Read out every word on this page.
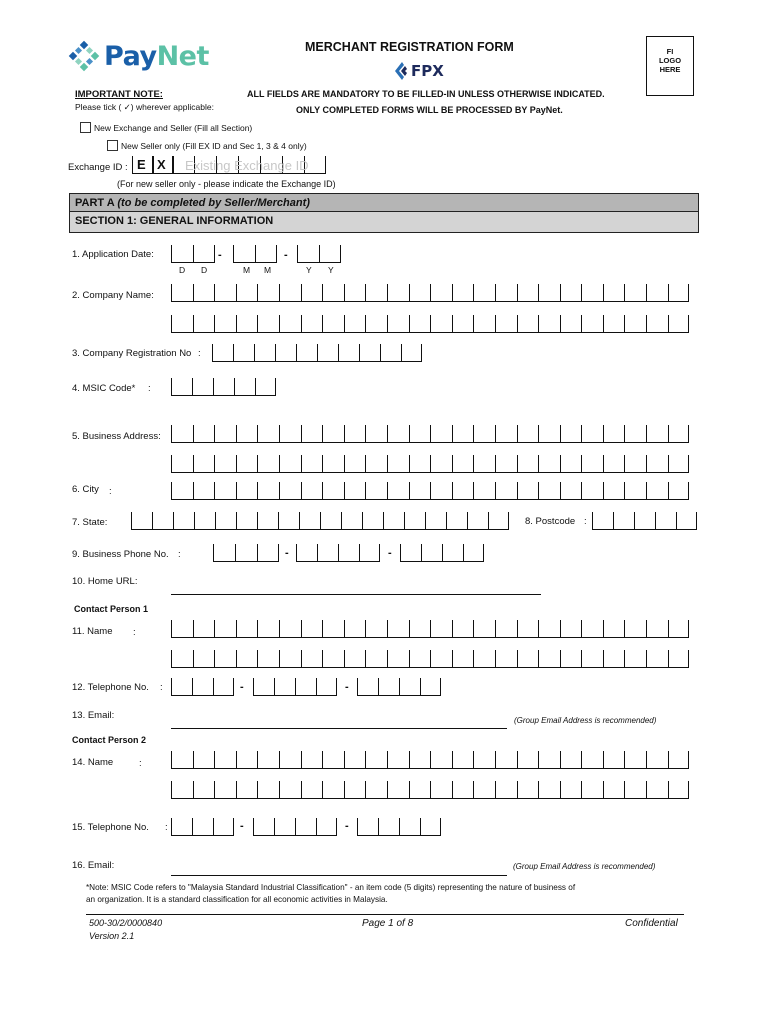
PayNet	MERCHANT REGISTRATION FORM
FPX
FI
LOGO
HERE
IMPORTANT NOTE:
Please tick ( ✓) wherever applicable:
ALL FIELDS ARE MANDATORY TO BE FILLED-IN UNLESS OTHERWISE INDICATED.
ONLY COMPLETED FORMS WILL BE PROCESSED BY PayNet.
New Exchange and Seller (Fill all Section)
New Seller only (Fill EX ID and Sec 1, 3 & 4 only)
Exchange ID : E X Existing Exchange ID
(For new seller only - please indicate the Exchange ID)
PART A (to be completed by Seller/Merchant)
SECTION 1: GENERAL INFORMATION
1. Application Date:	-	-
D D	M M	Y Y
2. Company Name:
3. Company Registration No :
4. MSIC Code* :
5. Business Address:
6. City :
7. State:	8. Postcode :
9. Business Phone No. :	-	-
10. Home URL:
Contact Person 1
11. Name :
12. Telephone No. :	-	-
13. Email:	(Group Email Address is recommended)
Contact Person 2
14. Name	:
15. Telephone No. :	-	-
16. Email:	(Group Email Address is recommended)
*Note: MSIC Code refers to "Malaysia Standard Industrial Classification" - an item code (5 digits) representing the nature of business of
an organization. It is a standard classification for all economic activities in Malaysia.
500-30/2/0000840
Version 2.1
Page 1 of 8	Confidential
